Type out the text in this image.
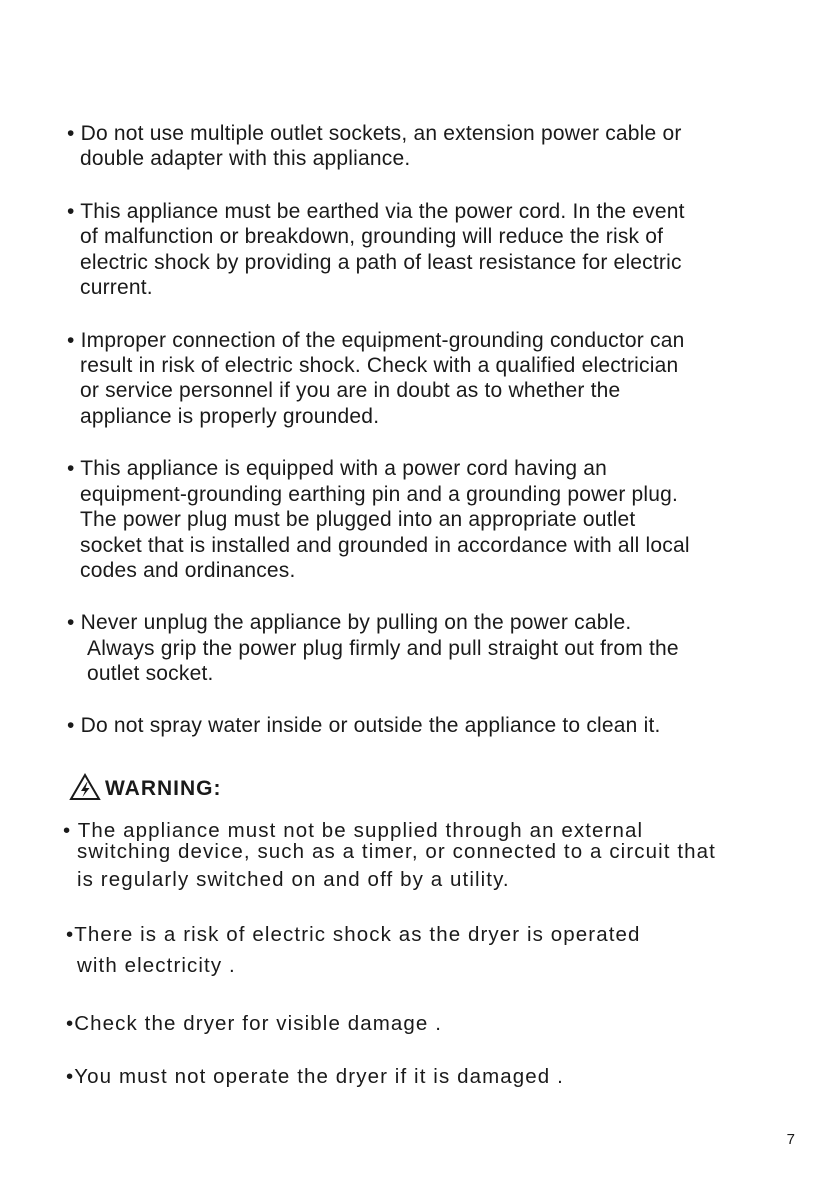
• Do not use multiple outlet sockets, an extension power cable or
double adapter with this appliance.
• This appliance must be earthed via the power cord. In the event
of malfunction or breakdown, grounding will reduce the risk of
electric shock by providing a path of least resistance for electric
current.
• Improper connection of the equipment-grounding conductor can
result in risk of electric shock. Check with a qualified electrician
or service personnel if you are in doubt as to whether the
appliance is properly grounded.
• This appliance is equipped with a power cord having an
equipment-grounding earthing pin and a grounding power plug.
The power plug must be plugged into an appropriate outlet
socket that is installed and grounded in accordance with all local
codes and ordinances.
• Never unplug the appliance by pulling on the power cable.
Always grip the power plug firmly and pull straight out from the
outlet socket.
• Do not spray water inside or outside the appliance to clean it.
WARNING:
• The appliance must not be supplied through an external
switching device, such as a timer, or connected to a circuit that
is regularly switched on and off by a utility.
•There is a risk of electric shock as the dryer is operated
with electricity .
•Check the dryer for visible damage .
•You must not operate the dryer if it is damaged .
7
